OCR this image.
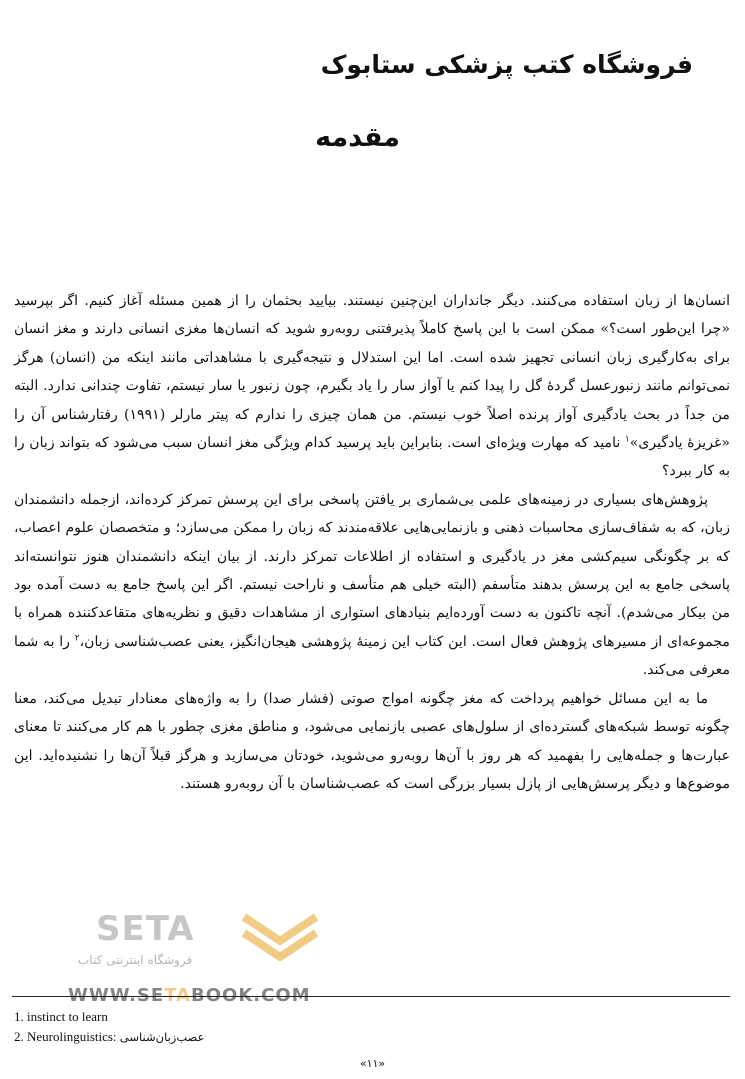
فروشگاه کتب پزشکی ستابوک
مقدمه

انسان‌ها از زبان استفاده می‌کنند. دیگر جانداران این‌چنین نیستند. بیایید بحثمان را از همین مسئله آغاز کنیم. اگر بپرسید «چرا این‌طور است؟» ممکن است با این پاسخ کاملاً پذیرفتنی روبه‌رو شوید که انسان‌ها مغزی انسانی دارند و مغز انسان برای به‌کارگیری زبان انسانی تجهیز شده است. اما این استدلال و نتیجه‌گیری با مشاهداتی مانند اینکه من (انسان) هرگز نمی‌توانم مانند زنبورعسل گردهٔ گل را پیدا کنم یا آواز سار را یاد بگیرم، چون زنبور یا سار نیستم، تفاوت چندانی ندارد. البته من جداً در بحث یادگیری آواز پرنده اصلاً خوب نیستم. من همان چیزی را ندارم که پیتر مارلر (۱۹۹۱) رفتارشناس آن را «غریزهٔ یادگیری»$^۱$ نامید که مهارت ویژه‌ای است. بنابراین باید پرسید کدام ویژگی مغز انسان سبب می‌شود که بتواند زبان را به کار ببرد؟

پژوهش‌های بسیاری در زمینه‌های علمی بی‌شماری بر یافتن پاسخی برای این پرسش تمرکز کرده‌اند، ازجمله دانشمندان زبان، که به شفاف‌سازی محاسبات ذهنی و بازنمایی‌هایی علاقه‌مندند که زبان را ممکن می‌سازد؛ و متخصصان علوم اعصاب، که بر چگونگی سیم‌کشی مغز در یادگیری و استفاده از اطلاعات تمرکز دارند. از بیان اینکه دانشمندان هنوز نتوانسته‌اند پاسخی جامع به این پرسش بدهند متأسفم (البته خیلی هم متأسف و ناراحت نیستم. اگر این پاسخ جامع به دست آمده بود من بیکار می‌شدم). آنچه تاکنون به دست آورده‌ایم بنیادهای استواری از مشاهدات دقیق و نظریه‌های متقاعدکننده همراه با مجموعه‌ای از مسیرهای پژوهش فعال است. این کتاب این زمینهٔ پژوهشی هیجان‌انگیز، یعنی عصب‌شناسی زبان،$^۲$ را به شما معرفی می‌کند.

ما به این مسائل خواهیم پرداخت که مغز چگونه امواج صوتی (فشار صدا) را به واژه‌های معنادار تبدیل می‌کند، معنا چگونه توسط شبکه‌های گسترده‌ای از سلول‌های عصبی بازنمایی می‌شود، و مناطق مغزی چطور با هم کار می‌کنند تا معنای عبارت‌ها و جمله‌هایی را بفهمید که هر روز با آن‌ها روبه‌رو می‌شوید، خودتان می‌سازید و هرگز قبلاً آن‌ها را نشنیده‌اید. این موضوع‌ها و دیگر پرسش‌هایی از پازل بسیار بزرگی است که عصب‌شناسان با آن روبه‌رو هستند.

SETA
فروشگاه اینترنتی کتاب
WWW.SETABOOK.COM
1. instinct to learn
2. Neurolinguistics: عصب‌زبان‌شناسی
«۱۱»
